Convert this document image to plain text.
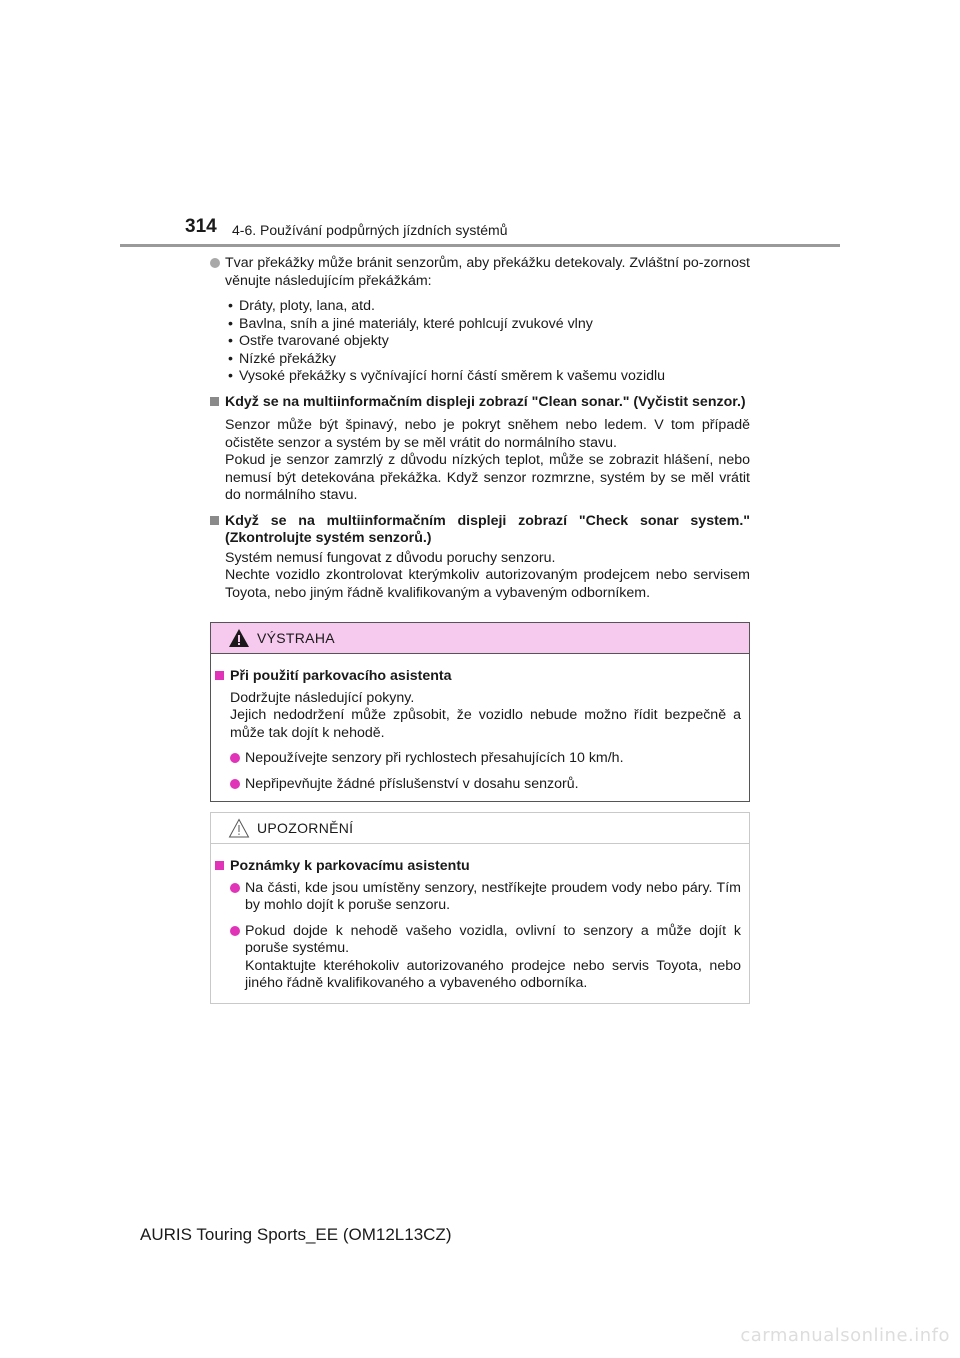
314 4-6. Používání podpůrných jízdních systémů
Tvar překážky může bránit senzorům, aby překážku detekovaly. Zvláštní po-zornost věnujte následujícím překážkám:
• Dráty, ploty, lana, atd.
• Bavlna, sníh a jiné materiály, které pohlcují zvukové vlny
• Ostře tvarované objekty
• Nízké překážky
• Vysoké překážky s vyčnívající horní částí směrem k vašemu vozidlu
Když se na multiinformačním displeji zobrazí "Clean sonar." (Vyčistit senzor.)
Senzor může být špinavý, nebo je pokryt sněhem nebo ledem. V tom případě očistěte senzor a systém by se měl vrátit do normálního stavu.
Pokud je senzor zamrzlý z důvodu nízkých teplot, může se zobrazit hlášení, nebo nemusí být detekována překážka. Když senzor rozmrzne, systém by se měl vrátit do normálního stavu.
Když se na multiinformačním displeji zobrazí "Check sonar system." (Zkontrolujte systém senzorů.)
Systém nemusí fungovat z důvodu poruchy senzoru.
Nechte vozidlo zkontrolovat kterýmkoliv autorizovaným prodejcem nebo servisem Toyota, nebo jiným řádně kvalifikovaným a vybaveným odborníkem.
VÝSTRAHA
Při použití parkovacího asistenta
Dodržujte následující pokyny.
Jejich nedodržení může způsobit, že vozidlo nebude možno řídit bezpečně a může tak dojít k nehodě.
Nepoužívejte senzory při rychlostech přesahujících 10 km/h.
Nepřipevňujte žádné příslušenství v dosahu senzorů.
UPOZORNĚNÍ
Poznámky k parkovacímu asistentu
Na části, kde jsou umístěny senzory, nestříkejte proudem vody nebo páry. Tím by mohlo dojít k poruše senzoru.
Pokud dojde k nehodě vašeho vozidla, ovlivní to senzory a může dojít k poruše systému.
Kontaktujte kteréhokoliv autorizovaného prodejce nebo servis Toyota, nebo jiného řádně kvalifikovaného a vybaveného odborníka.
AURIS Touring Sports_EE (OM12L13CZ)
carmanualsonline.info
